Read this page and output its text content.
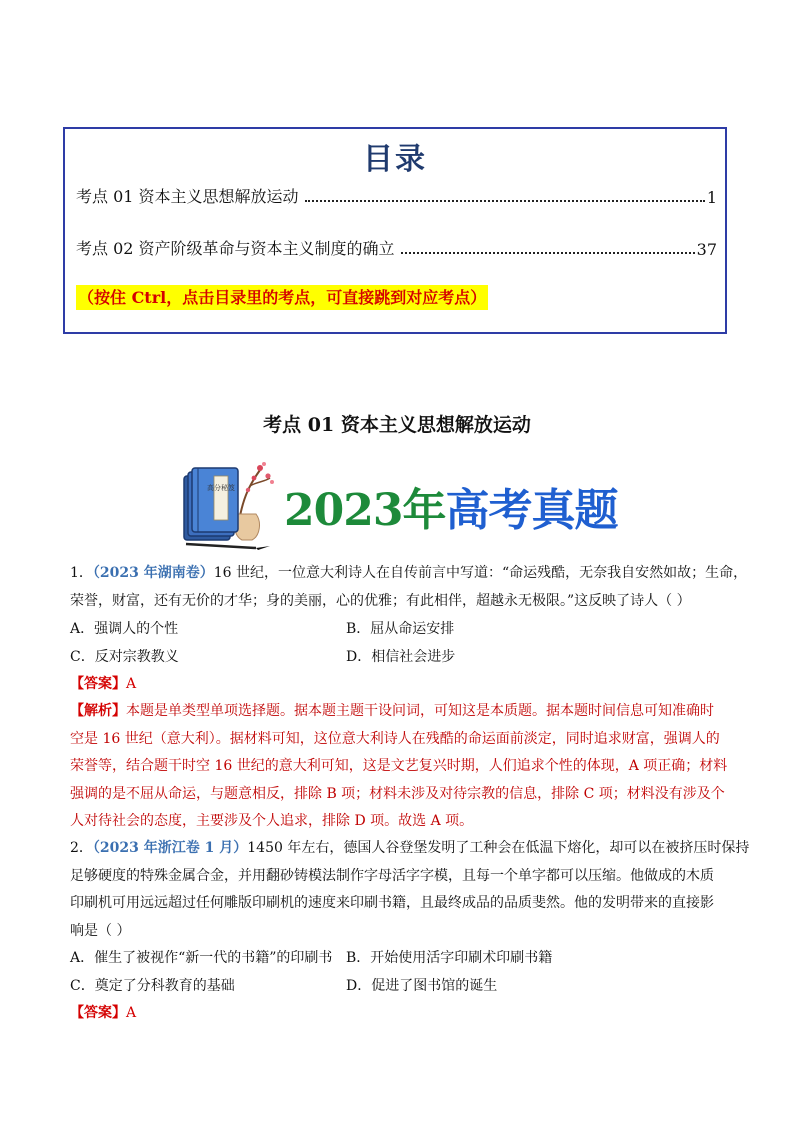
目录
考点 01 资本主义思想解放运动	1
考点 02 资产阶级革命与资本主义制度的确立	37
（按住 Ctrl，点击目录里的考点，可直接跳到对应考点）
考点 01 资本主义思想解放运动
高分秘笈 2023年高考真题
1．（2023 年湖南卷）16 世纪，一位意大利诗人在自传前言中写道：“命运残酷，无奈我自安然如故；生命，
荣誉，财富，还有无价的才华；身的美丽，心的优雅；有此相伴，超越永无极限。”这反映了诗人（ ）
A．强调人的个性	B．屈从命运安排
C．反对宗教教义	D．相信社会进步
【答案】A
【解析】本题是单类型单项选择题。据本题主题干设问词，可知这是本质题。据本题时间信息可知准确时
空是 16 世纪（意大利）。据材料可知，这位意大利诗人在残酷的命运面前淡定，同时追求财富，强调人的
荣誉等，结合题干时空 16 世纪的意大利可知，这是文艺复兴时期，人们追求个性的体现，A 项正确；材料
强调的是不屈从命运，与题意相反，排除 B 项；材料未涉及对待宗教的信息，排除 C 项；材料没有涉及个
人对待社会的态度，主要涉及个人追求，排除 D 项。故选 A 项。
2．（2023 年浙江卷 1 月）1450 年左右，德国人谷登堡发明了工种会在低温下熔化，却可以在被挤压时保持
足够硬度的特殊金属合金，并用翻砂铸模法制作字母活字字模，且每一个单字都可以压缩。他做成的木质
印刷机可用远远超过任何雕版印刷机的速度来印刷书籍，且最终成品的品质斐然。他的发明带来的直接影
响是（ ）
A．催生了被视作“新一代的书籍”的印刷书 B．开始使用活字印刷术印刷书籍
C．奠定了分科教育的基础	D．促进了图书馆的诞生
【答案】A
